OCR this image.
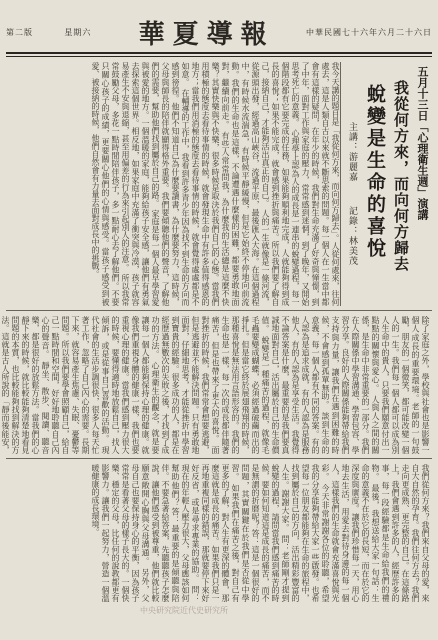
第二版	星期六 華夏導報	中華民國七十六年六月二十六日
五月十三日「心理衛生週」演講
我從何方來，而向何方歸去
蛻變是生命的喜悅
主講：游麗嘉
記錄：林美茂
我今天講的題目是「我從何方來，而向何方歸去」。人從何處來，往何處去，這是人類自古以來就不斷思索的問題。每一個人在一生當中都會有這樣的疑問，在年少的時候，我們對生命充滿了好奇與憧憬，到了中年，面對工作與家庭的壓力，常常感到迷惘，到了晚年，又開始思考死亡的意義。 心理學上認為人的成長是一連串的蛻變過程，每一個階段都有它要完成的任務，如果能夠順利地完成，人就能夠得到成長的喜悅；如果不能完成，就會感到挫折與痛苦。所以我們要了解自己，接納自己，才能夠活出真正的自己。 人的一生就像是一條河流，從源頭出發，經過高山峽谷，流過平原，最後匯入大海。在這個過程中，有時候水流湍急，有時候平靜緩慢，但是它始終不停地向前流動。我們的生命也是這樣，不論遭遇什麼樣的困難，都要勇敢地面對，繼續向前走。 有些人常常問我，為什麼我的生活總是這麼不快樂？其實快樂與不快樂，很多時候是取決於我們自己的心態。當我們用積極的態度去看待事情的時候，就會發現生命中有許多值得感恩的地方；當我們用消極的態度去看待事情的時候，就會覺得處處都是不如意。 在輔導的工作中，我看到許多青少年因為找不到生命的方向而感到徬徨。他們不知道自己為什麼要讀書，為什麼要努力，這時候，父母與師長的陪伴就顯得格外重要。我們要傾聽他們的聲音，了解他們的需要，幫助他們找到屬於自己的路。 家庭是每一個人最早學習愛與被愛的地方。一個溫暖的家庭，能夠給孩子安全感，讓他們有勇氣去探索這個世界。相反地，如果家庭中充滿了衝突與冷漠，孩子就容易產生不安與退縮，甚至用偏差的行為來引起別人的注意。 所以我常常鼓勵父母，多花一點時間陪伴孩子，多一點耐心去了解他們。不要只關心孩子的成績，更要關心他們的心情與感受。當孩子感受到被愛、被接納的時候，他們自然會有力量去面對成長中的挑戰。
除了家庭之外，學校與社會也是影響一個人成長的重要環境。老師的一句鼓勵，朋友的一個微笑，都可能改變一個人的一生。我們每一個人都可以成為別人生命中的貴人，只要我們願意付出一點點的關懷與愛心。 人與人之間的關係，是生命中非常重要的一部分。我們在人際關係中學習溝通、學習包容、學習分享。良好的人際關係能夠帶給我們支持與力量，讓我們在遇到困難的時候，不會感到孤單無助。 談到生命的意義，每一個人都有不同的答案。有的人認為是追求成就，有的人認為是服務他人，有的人認為是享受生活。我覺得不論答案是什麼，最重要的是我們要真誠地面對自己，活出屬於自己的生命價值。 蛻變是一種痛苦的過程，就像毛毛蟲要變成蝴蝶，必須經過破繭而出的掙扎。但是當它終於展翅飛翔的時候，那種喜悅是無法用言語形容的。我們的生命也是一樣，每一次的成長都伴隨著痛苦，但是也帶來了更大的喜悅。 面對挫折的時候，我們常常會想要逃避，但是逃避並不能解決問題。只有勇敢地面對，仔細地思考，才能從挫折中學習到寶貴的經驗。很多成功的人，都是在經歷過無數次的失敗之後，才找到了成功的方法。 心理衛生的觀念，就是要讓每一個人都能夠保持心理的健康。就像我們重視身體的健康一樣，我們也要重視心理的健康。當我們感到壓力很大的時候，要懂得適時地放鬆自己，找人傾訴，或是從事自己喜歡的活動。 現代社會的生活步調很快，很多人每天忙著工作，忽略了自己內心的需要。長期下來，就容易產生焦慮、失眠、憂鬱等問題。所以我們要學會照顧自己，給自己一點時間和空間，好好地聆聽自己內心的聲音。 靜坐、散步、閱讀、聽音樂，都是很好的放鬆方法。當我們的心靜下來的時候，就比較能夠清楚地看見問題的本質，也比較能夠找到解決的方法。這就是古人所說的「靜而後能安，
我們從何方來？我們來自父母的愛，來自大自然的孕育。我們往何方去？我們走向更成熟、更完整的自己。在這條路上，我們會遇到許多的人，經歷許多的事，每一段經驗都是生命給我們的禮物。 最後，我想送給大家一句話：生命的意義不在於它的長短，而在於它的深度與廣度。讓我們珍惜每一天，用心地去生活，用愛去對待身邊的每一個人，這樣我們的生命就會充滿喜悅與光彩。 今天非常謝謝各位的聆聽，希望我的分享能夠帶給大家一些啟發。也希望每一位朋友都能夠在生命的旅程中，找到屬於自己的方向，活出精彩豐富的人生。謝謝大家。 問：老師剛才提到蛻變的過程，請問當我們感到痛苦的時候，要如何知道這是成長的痛苦，而不是無謂的折磨呢？答：這是一個很好的問題，其實關鍵在於我們是否從中學習。 如果我們在痛苦之後，對自己有更多的了解，對人生有更深的體會，那麼這就是成長的痛苦。如果我們只是一再地重複同樣的錯誤，那就要停下來好好反省，或是尋求專業的協助。 問：現在的年輕人壓力很大，父母應該如何幫助他們？答：最重要的是傾聽與陪伴。不要急著給答案，先聽聽孩子怎麼說，讓他們感受到被尊重，他們就比較願意敞開心胸與父母溝通。 另外，父母自己也要保持身心的平衡，因為孩子常常是看著父母的樣子長大的。一個快樂、穩定的父母，比任何的說教都更有影響力。讓我們一起努力，營造一個溫暖健康的成長環境。
中央研究院近代史研究所
